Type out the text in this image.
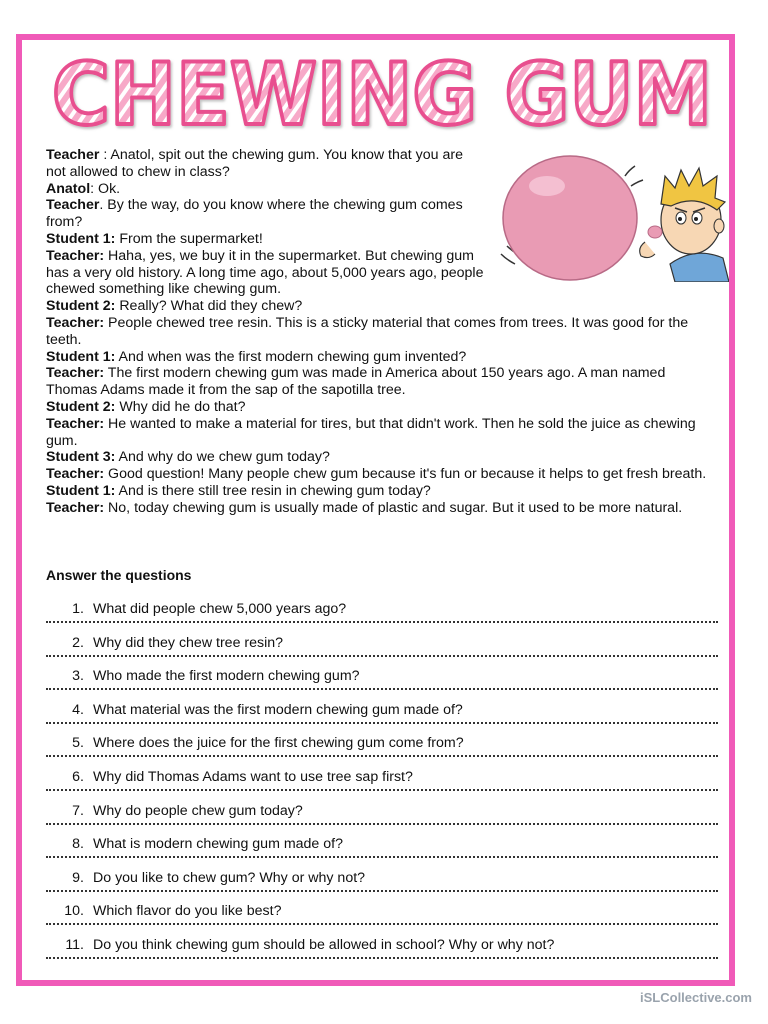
CHEWING GUM

Teacher : Anatol, spit out the chewing gum. You know that you are not allowed to chew in class?

Anatol: Ok.

Teacher. By the way, do you know where the chewing gum comes from?

Student 1: From the supermarket!

Teacher: Haha, yes, we buy it in the supermarket. But chewing gum has a very old history. A long time ago, about 5,000 years ago, people chewed something like chewing gum.

Student 2: Really? What did they chew?

Teacher: People chewed tree resin. This is a sticky material that comes from trees. It was good for the teeth.

Student 1: And when was the first modern chewing gum invented?

Teacher: The first modern chewing gum was made in America about 150 years ago. A man named Thomas Adams made it from the sap of the sapotilla tree.

Student 2: Why did he do that?

Teacher: He wanted to make a material for tires, but that didn't work. Then he sold the juice as chewing gum.

Student 3: And why do we chew gum today?

Teacher: Good question! Many people chew gum because it's fun or because it helps to get fresh breath.

Student 1: And is there still tree resin in chewing gum today?

Teacher: No, today chewing gum is usually made of plastic and sugar. But it used to be more natural.

Answer the questions
1. What did people chew 5,000 years ago?
2. Why did they chew tree resin?
3. Who made the first modern chewing gum?
4. What material was the first modern chewing gum made of?
5. Where does the juice for the first chewing gum come from?
6. Why did Thomas Adams want to use tree sap first?
7. Why do people chew gum today?
8. What is modern chewing gum made of?
9. Do you like to chew gum? Why or why not?
10. Which flavor do you like best?
11. Do you think chewing gum should be allowed in school? Why or why not?
iSLCollective.com
